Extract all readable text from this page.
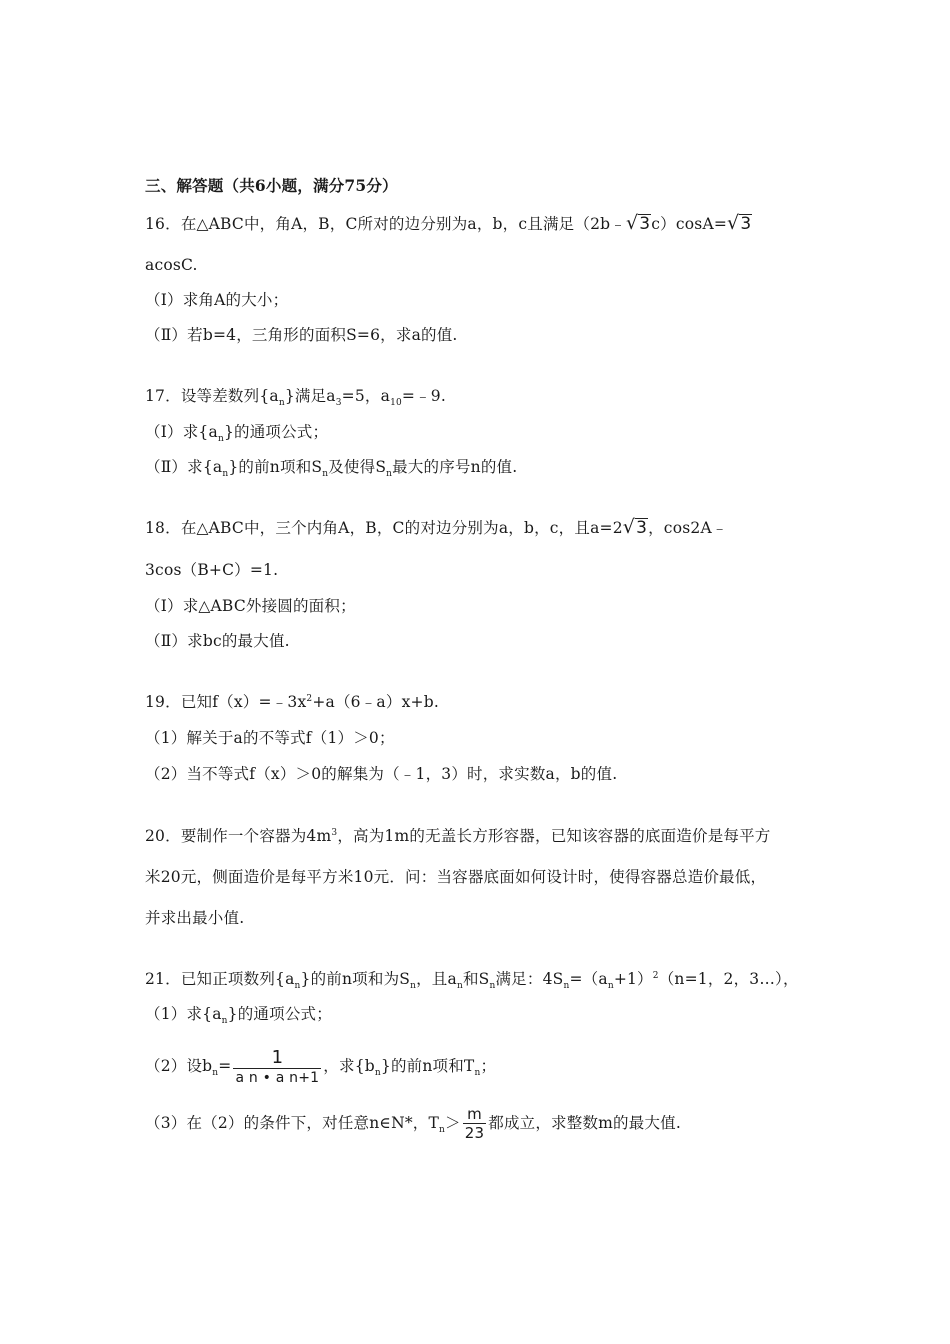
三、解答题（共6小题，满分75分）
16．在△ABC中，角A，B，C所对的边分别为a，b，c且满足（2b﹣√3c）cosA=√3
acosC.
（Ⅰ）求角A的大小；
（Ⅱ）若b=4，三角形的面积S=6，求a的值.
17．设等差数列$\{a_n\}$满足$a_3=5$，$a_{10}=﹣9$.
（Ⅰ）求$\{a_n\}$的通项公式；
（Ⅱ）求$\{a_n\}$的前n项和$S_n$及使得$S_n$最大的序号n的值.
18．在△ABC中，三个内角A，B，C的对边分别为a，b，c，且a=2√3，cos2A﹣
3cos（B+C）=1.
（Ⅰ）求△ABC外接圆的面积；
（Ⅱ）求bc的最大值.
19．已知$f(x)=﹣3x^2+a(6﹣a)x+b$.
（1）解关于a的不等式f（1）＞0；
（2）当不等式f（x）＞0的解集为（﹣1，3）时，求实数a，b的值.
20．要制作一个容器为$4m^3$，高为1m的无盖长方形容器，已知该容器的底面造价是每平方
米20元，侧面造价是每平方米10元．问：当容器底面如何设计时，使得容器总造价最低，
并求出最小值.
21．已知正项数列$\{a_n\}$的前n项和为$S_n$，且$a_n$和$S_n$满足：$4S_n=(a_n+1)^2(n=1$，2，3…），
（1）求$\{a_n\}$的通项公式；
（2）设$b_n= \frac{1}{\text{a n • a n+1}}$ ，求$\{b_n\}$的前n项和$T_n$；
（3）在（2）的条件下，对任意n∈N*，$T_n> \frac{m}{23}$ 都成立，求整数m的最大值.
